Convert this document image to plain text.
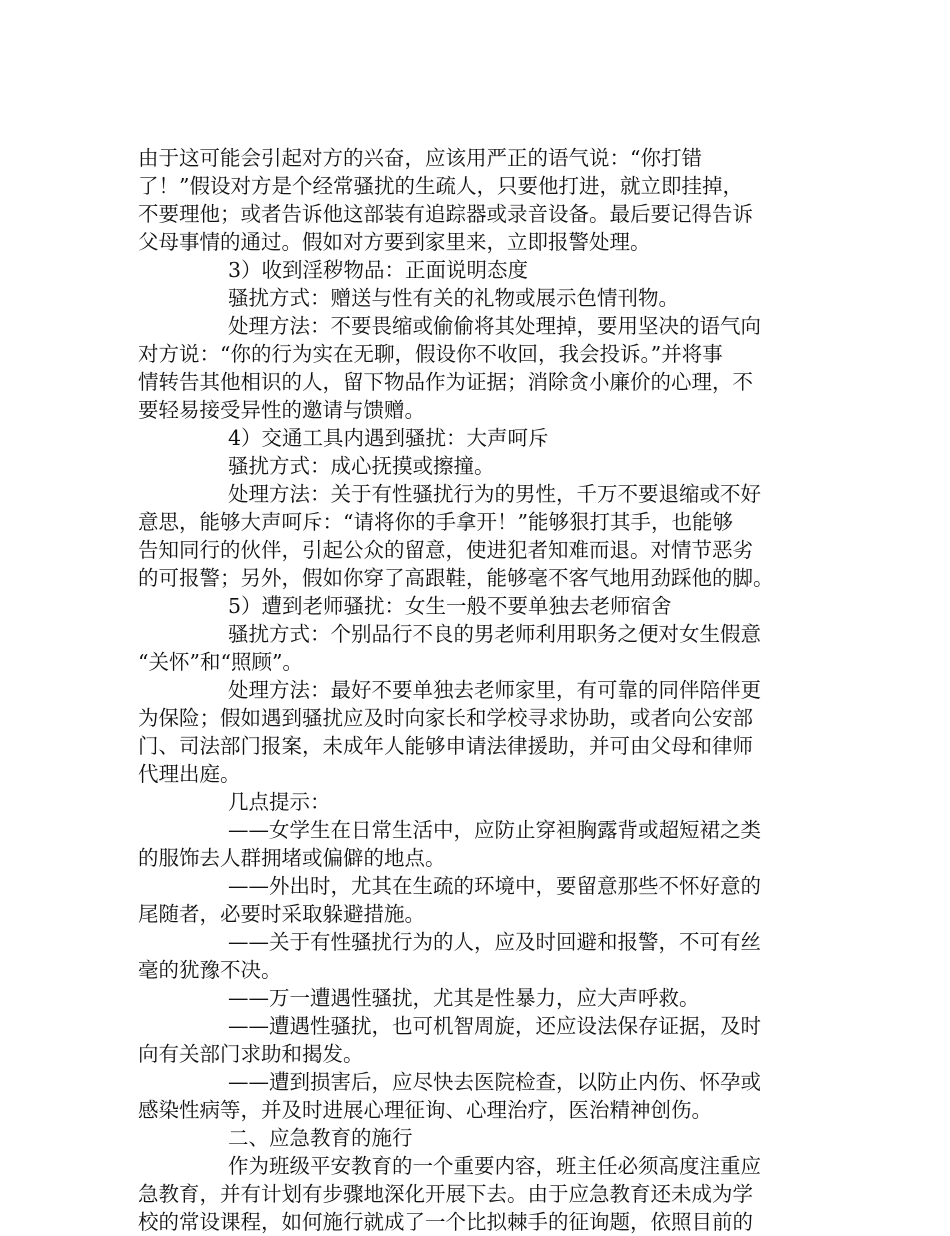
由于这可能会引起对方的兴奋，应该用严正的语气说：“你打错
了！”假设对方是个经常骚扰的生疏人，只要他打进，就立即挂掉，
不要理他；或者告诉他这部装有追踪器或录音设备。最后要记得告诉
父母事情的通过。假如对方要到家里来，立即报警处理。
3）收到淫秽物品：正面说明态度
骚扰方式：赠送与性有关的礼物或展示色情刊物。
处理方法：不要畏缩或偷偷将其处理掉，要用坚决的语气向
对方说：“你的行为实在无聊，假设你不收回，我会投诉。”并将事
情转告其他相识的人，留下物品作为证据；消除贪小廉价的心理，不
要轻易接受异性的邀请与馈赠。
4）交通工具内遇到骚扰：大声呵斥
骚扰方式：成心抚摸或擦撞。
处理方法：关于有性骚扰行为的男性，千万不要退缩或不好
意思，能够大声呵斥：“请将你的手拿开！”能够狠打其手，也能够
告知同行的伙伴，引起公众的留意，使进犯者知难而退。对情节恶劣
的可报警；另外，假如你穿了高跟鞋，能够毫不客气地用劲踩他的脚。
5）遭到老师骚扰：女生一般不要单独去老师宿舍
骚扰方式：个别品行不良的男老师利用职务之便对女生假意
“关怀”和“照顾”。
处理方法：最好不要单独去老师家里，有可靠的同伴陪伴更
为保险；假如遇到骚扰应及时向家长和学校寻求协助，或者向公安部
门、司法部门报案，未成年人能够申请法律援助，并可由父母和律师
代理出庭。
几点提示：
——女学生在日常生活中，应防止穿袒胸露背或超短裙之类
的服饰去人群拥堵或偏僻的地点。
——外出时，尤其在生疏的环境中，要留意那些不怀好意的
尾随者，必要时采取躲避措施。
——关于有性骚扰行为的人，应及时回避和报警，不可有丝
毫的犹豫不决。
——万一遭遇性骚扰，尤其是性暴力，应大声呼救。
——遭遇性骚扰，也可机智周旋，还应设法保存证据，及时
向有关部门求助和揭发。
——遭到损害后，应尽快去医院检查，以防止内伤、怀孕或
感染性病等，并及时进展心理征询、心理治疗，医治精神创伤。
二、应急教育的施行
作为班级平安教育的一个重要内容，班主任必须高度注重应
急教育，并有计划有步骤地深化开展下去。由于应急教育还未成为学
校的常设课程，如何施行就成了一个比拟棘手的征询题，依照目前的
